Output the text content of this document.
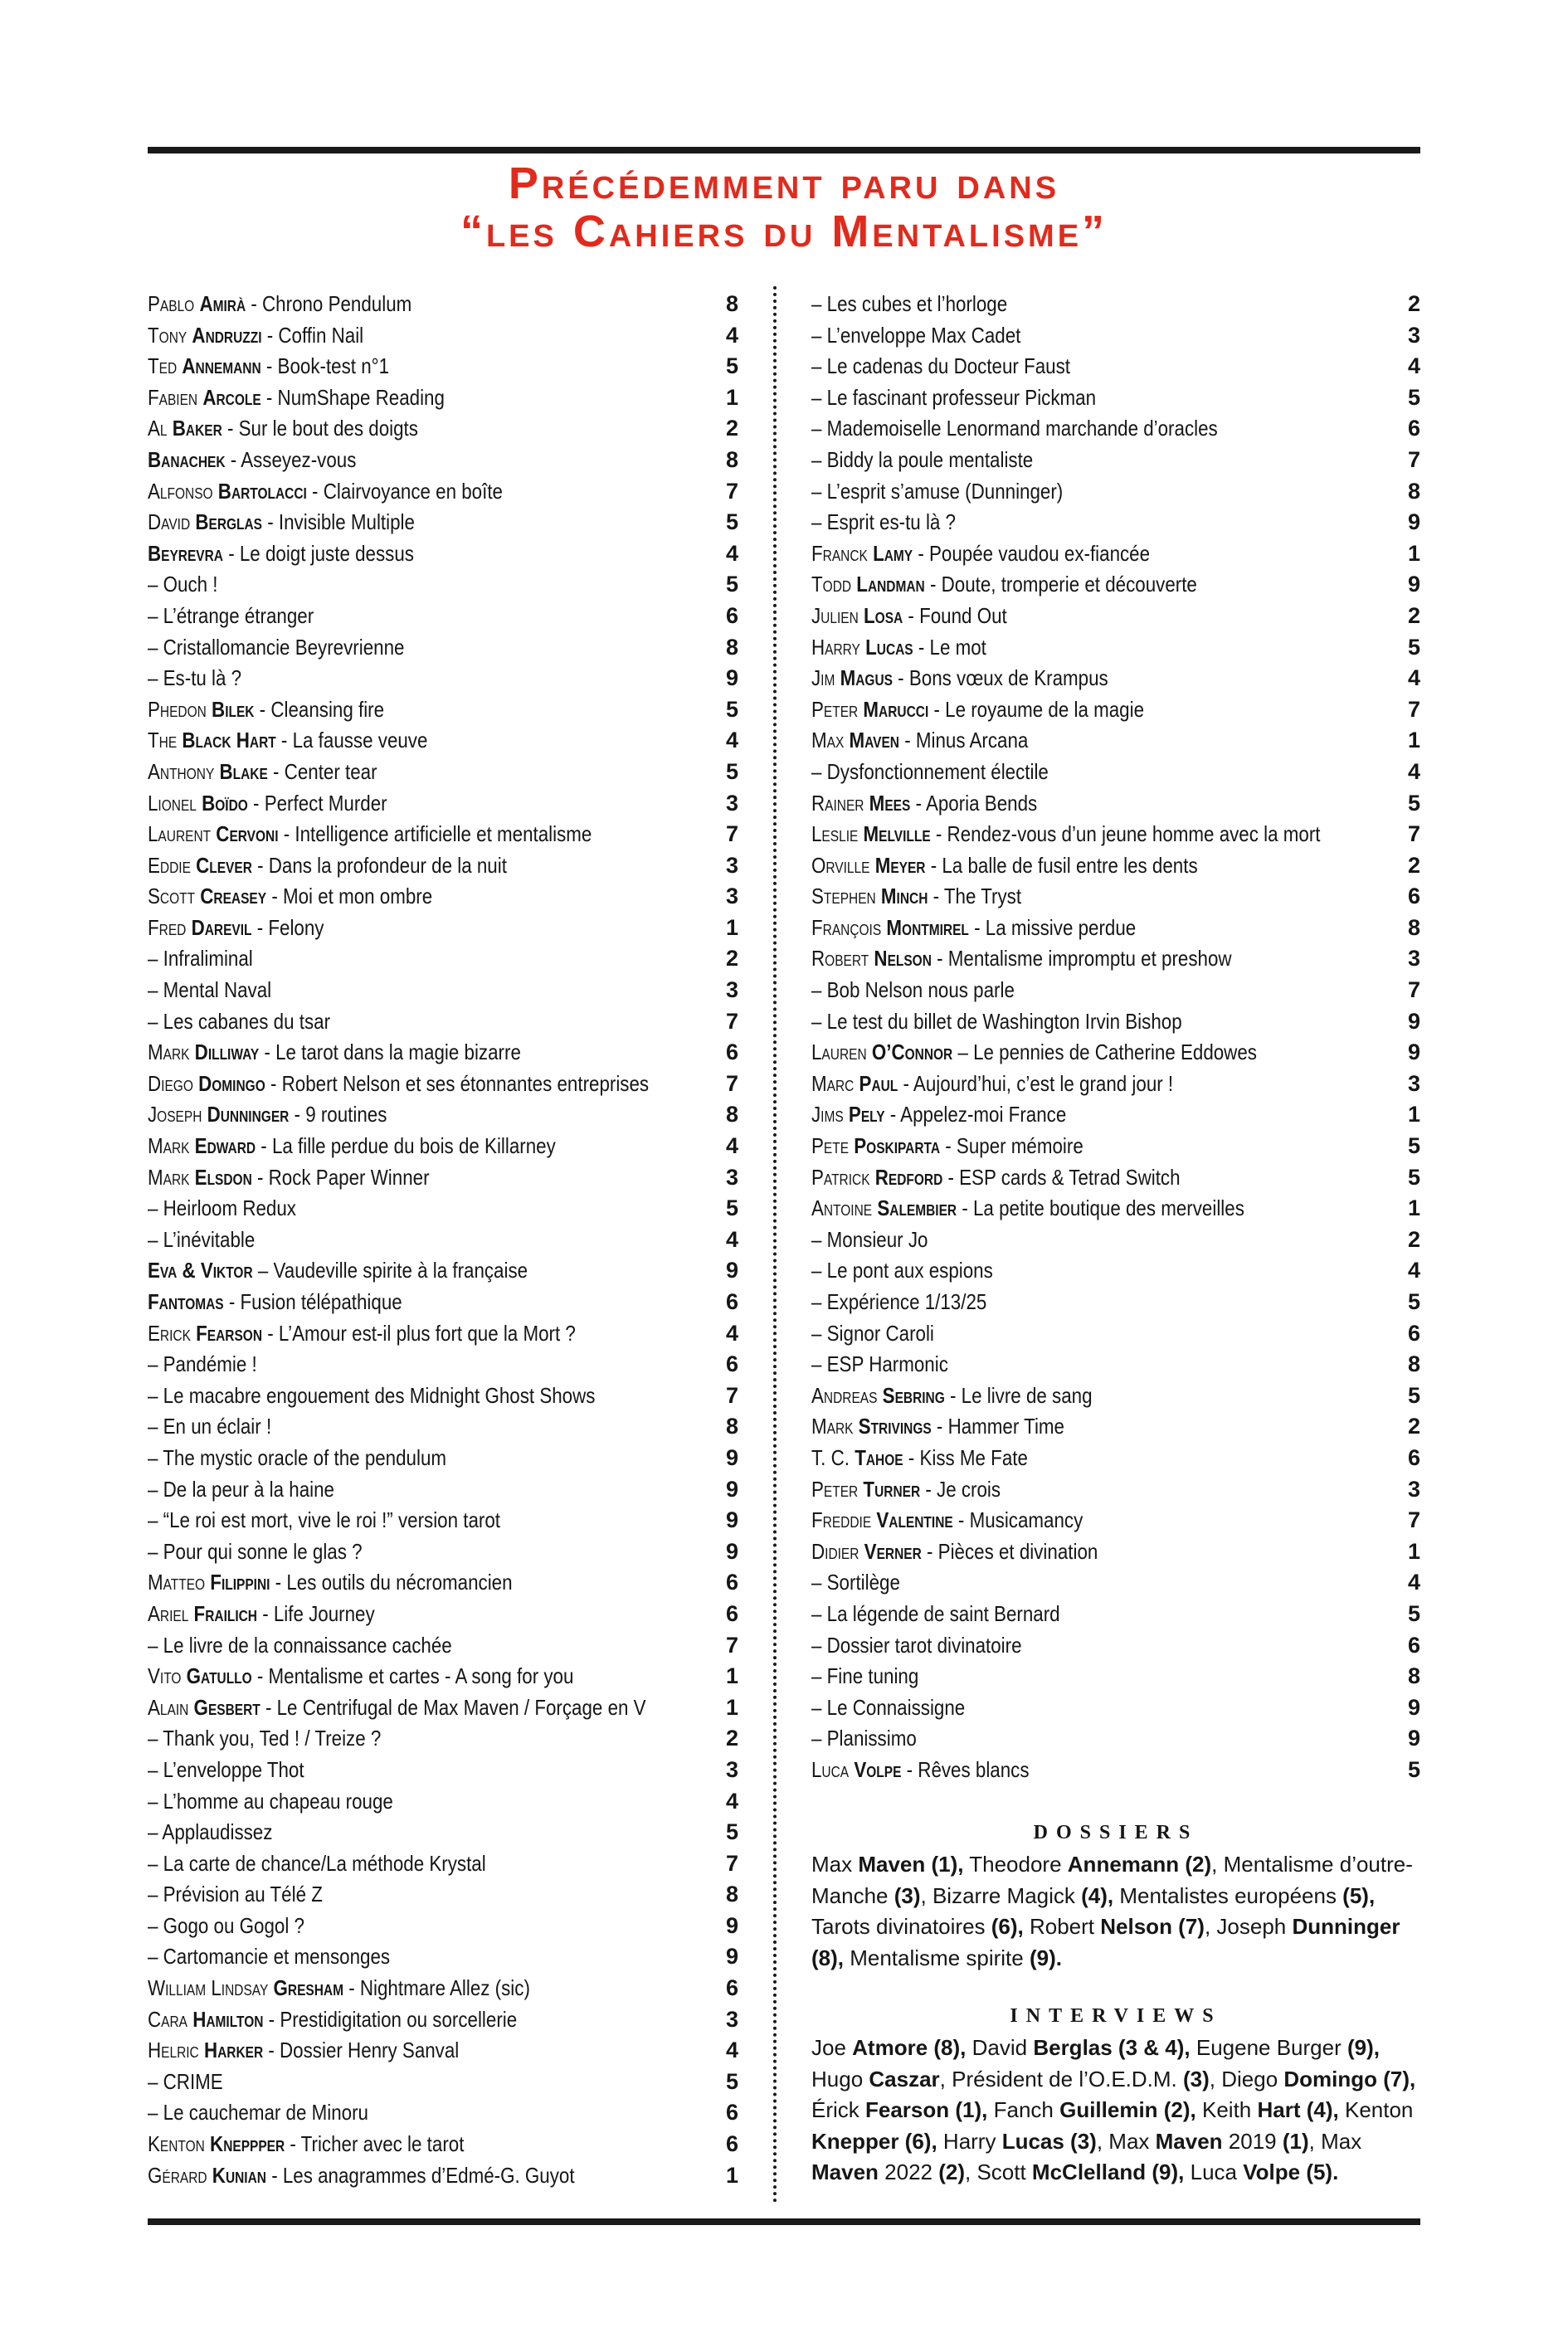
Précédemment paru dans
“les Cahiers du Mentalisme”
Pablo Amirà - Chrono Pendulum	8
Tony Andruzzi - Coffin Nail	4
Ted Annemann - Book-test n°1	5
Fabien Arcole - NumShape Reading	1
Al Baker - Sur le bout des doigts	2
Banachek - Asseyez-vous	8
Alfonso Bartolacci - Clairvoyance en boîte	7
David Berglas - Invisible Multiple	5
Beyrevra - Le doigt juste dessus	4
– Ouch !	5
– L’étrange étranger	6
– Cristallomancie Beyrevrienne	8
– Es-tu là ?	9
Phedon Bilek - Cleansing fire	5
The Black Hart - La fausse veuve	4
Anthony Blake - Center tear	5
Lionel Boïdo - Perfect Murder	3
Laurent Cervoni - Intelligence artificielle et mentalisme	7
Eddie Clever - Dans la profondeur de la nuit	3
Scott Creasey - Moi et mon ombre	3
Fred Darevil - Felony	1
– Infraliminal	2
– Mental Naval	3
– Les cabanes du tsar	7
Mark Dilliway - Le tarot dans la magie bizarre	6
Diego Domingo - Robert Nelson et ses étonnantes entreprises	7
Joseph Dunninger - 9 routines	8
Mark Edward - La fille perdue du bois de Killarney	4
Mark Elsdon - Rock Paper Winner	3
– Heirloom Redux	5
– L’inévitable	4
Eva & Viktor – Vaudeville spirite à la française	9
Fantomas - Fusion télépathique	6
Erick Fearson - L’Amour est-il plus fort que la Mort ?	4
– Pandémie !	6
– Le macabre engouement des Midnight Ghost Shows	7
– En un éclair !	8
– The mystic oracle of the pendulum	9
– De la peur à la haine	9
– “Le roi est mort, vive le roi !” version tarot	9
– Pour qui sonne le glas ?	9
Matteo Filippini - Les outils du nécromancien	6
Ariel Frailich - Life Journey	6
– Le livre de la connaissance cachée	7
Vito Gatullo - Mentalisme et cartes - A song for you	1
Alain Gesbert - Le Centrifugal de Max Maven / Forçage en V	1
– Thank you, Ted ! / Treize ?	2
– L’enveloppe Thot	3
– L’homme au chapeau rouge	4
– Applaudissez	5
– La carte de chance/La méthode Krystal	7
– Prévision au Télé Z	8
– Gogo ou Gogol ?	9
– Cartomancie et mensonges	9
William Lindsay Gresham - Nightmare Allez (sic)	6
Cara Hamilton - Prestidigitation ou sorcellerie	3
Helric Harker - Dossier Henry Sanval	4
– CRIME	5
– Le cauchemar de Minoru	6
Kenton Kneppper - Tricher avec le tarot	6
Gérard Kunian - Les anagrammes d’Edmé-G. Guyot	1
– Les cubes et l’horloge	2
– L’enveloppe Max Cadet	3
– Le cadenas du Docteur Faust	4
– Le fascinant professeur Pickman	5
– Mademoiselle Lenormand marchande d’oracles	6
– Biddy la poule mentaliste	7
– L’esprit s’amuse (Dunninger)	8
– Esprit es-tu là ?	9
Franck Lamy - Poupée vaudou ex-fiancée	1
Todd Landman - Doute, tromperie et découverte	9
Julien Losa - Found Out	2
Harry Lucas - Le mot	5
Jim Magus - Bons vœux de Krampus	4
Peter Marucci - Le royaume de la magie	7
Max Maven - Minus Arcana	1
– Dysfonctionnement électile	4
Rainer Mees - Aporia Bends	5
Leslie Melville - Rendez-vous d’un jeune homme avec la mort	7
Orville Meyer - La balle de fusil entre les dents	2
Stephen Minch - The Tryst	6
François Montmirel - La missive perdue	8
Robert Nelson - Mentalisme impromptu et preshow	3
– Bob Nelson nous parle	7
– Le test du billet de Washington Irvin Bishop	9
Lauren O’Connor – Le pennies de Catherine Eddowes	9
Marc Paul - Aujourd’hui, c’est le grand jour !	3
Jims Pely - Appelez-moi France	1
Pete Poskiparta - Super mémoire	5
Patrick Redford - ESP cards & Tetrad Switch	5
Antoine Salembier - La petite boutique des merveilles	1
– Monsieur Jo	2
– Le pont aux espions	4
– Expérience 1/13/25	5
– Signor Caroli	6
– ESP Harmonic	8
Andreas Sebring - Le livre de sang	5
Mark Strivings - Hammer Time	2
T. C. Tahoe - Kiss Me Fate	6
Peter Turner - Je crois	3
Freddie Valentine - Musicamancy	7
Didier Verner - Pièces et divination	1
– Sortilège	4
– La légende de saint Bernard	5
– Dossier tarot divinatoire	6
– Fine tuning	8
– Le Connaissigne	9
– Planissimo	9
Luca Volpe - Rêves blancs	5
DOSSIERS
Max Maven (1), Theodore Annemann (2), Mentalisme d’outre-Manche (3), Bizarre Magick (4), Mentalistes européens (5), Tarots divinatoires (6), Robert Nelson (7), Joseph Dunninger (8), Mentalisme spirite (9).
INTERVIEWS
Joe Atmore (8), David Berglas (3 & 4), Eugene Burger (9), Hugo Caszar, Président de l’O.E.D.M. (3), Diego Domingo (7), Érick Fearson (1), Fanch Guillemin (2), Keith Hart (4), Kenton Knepper (6), Harry Lucas (3), Max Maven 2019 (1), Max Maven 2022 (2), Scott McClelland (9), Luca Volpe (5).
